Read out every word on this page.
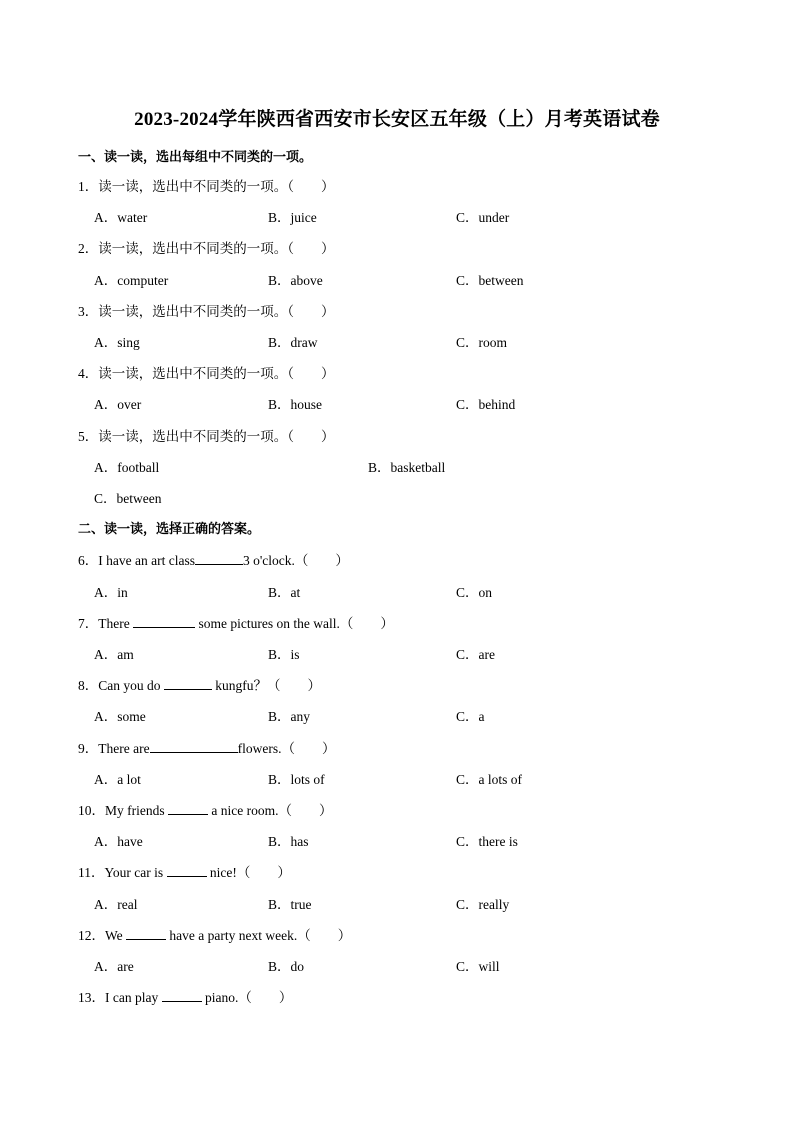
2023-2024学年陕西省西安市长安区五年级（上）月考英语试卷
一、读一读，选出每组中不同类的一项。
1．读一读，选出中不同类的一项。（　　）
A．water	B．juice	C．under
2．读一读，选出中不同类的一项。（　　）
A．computer	B．above	C．between
3．读一读，选出中不同类的一项。（　　）
A．sing	B．draw	C．room
4．读一读，选出中不同类的一项。（　　）
A．over	B．house	C．behind
5．读一读，选出中不同类的一项。（　　）
A．football	B．basketball
C．between
二、读一读，选择正确的答案。
6．I have an art class	3 o'clock.（　　）
A．in	B．at	C．on
7．There	some pictures on the wall.（　　）
A．am	B．is	C．are
8．Can you do	kungfu？（　　）
A．some	B．any	C．a
9．There are	flowers.（　　）
A．a lot	B．lots of	C．a lots of
10．My friends	a nice room.（　　）
A．have	B．has	C．there is
11．Your car is	nice!（　　）
A．real	B．true	C．really
12．We	have a party next week.（　　）
A．are	B．do	C．will
13．I can play	piano.（　　）
